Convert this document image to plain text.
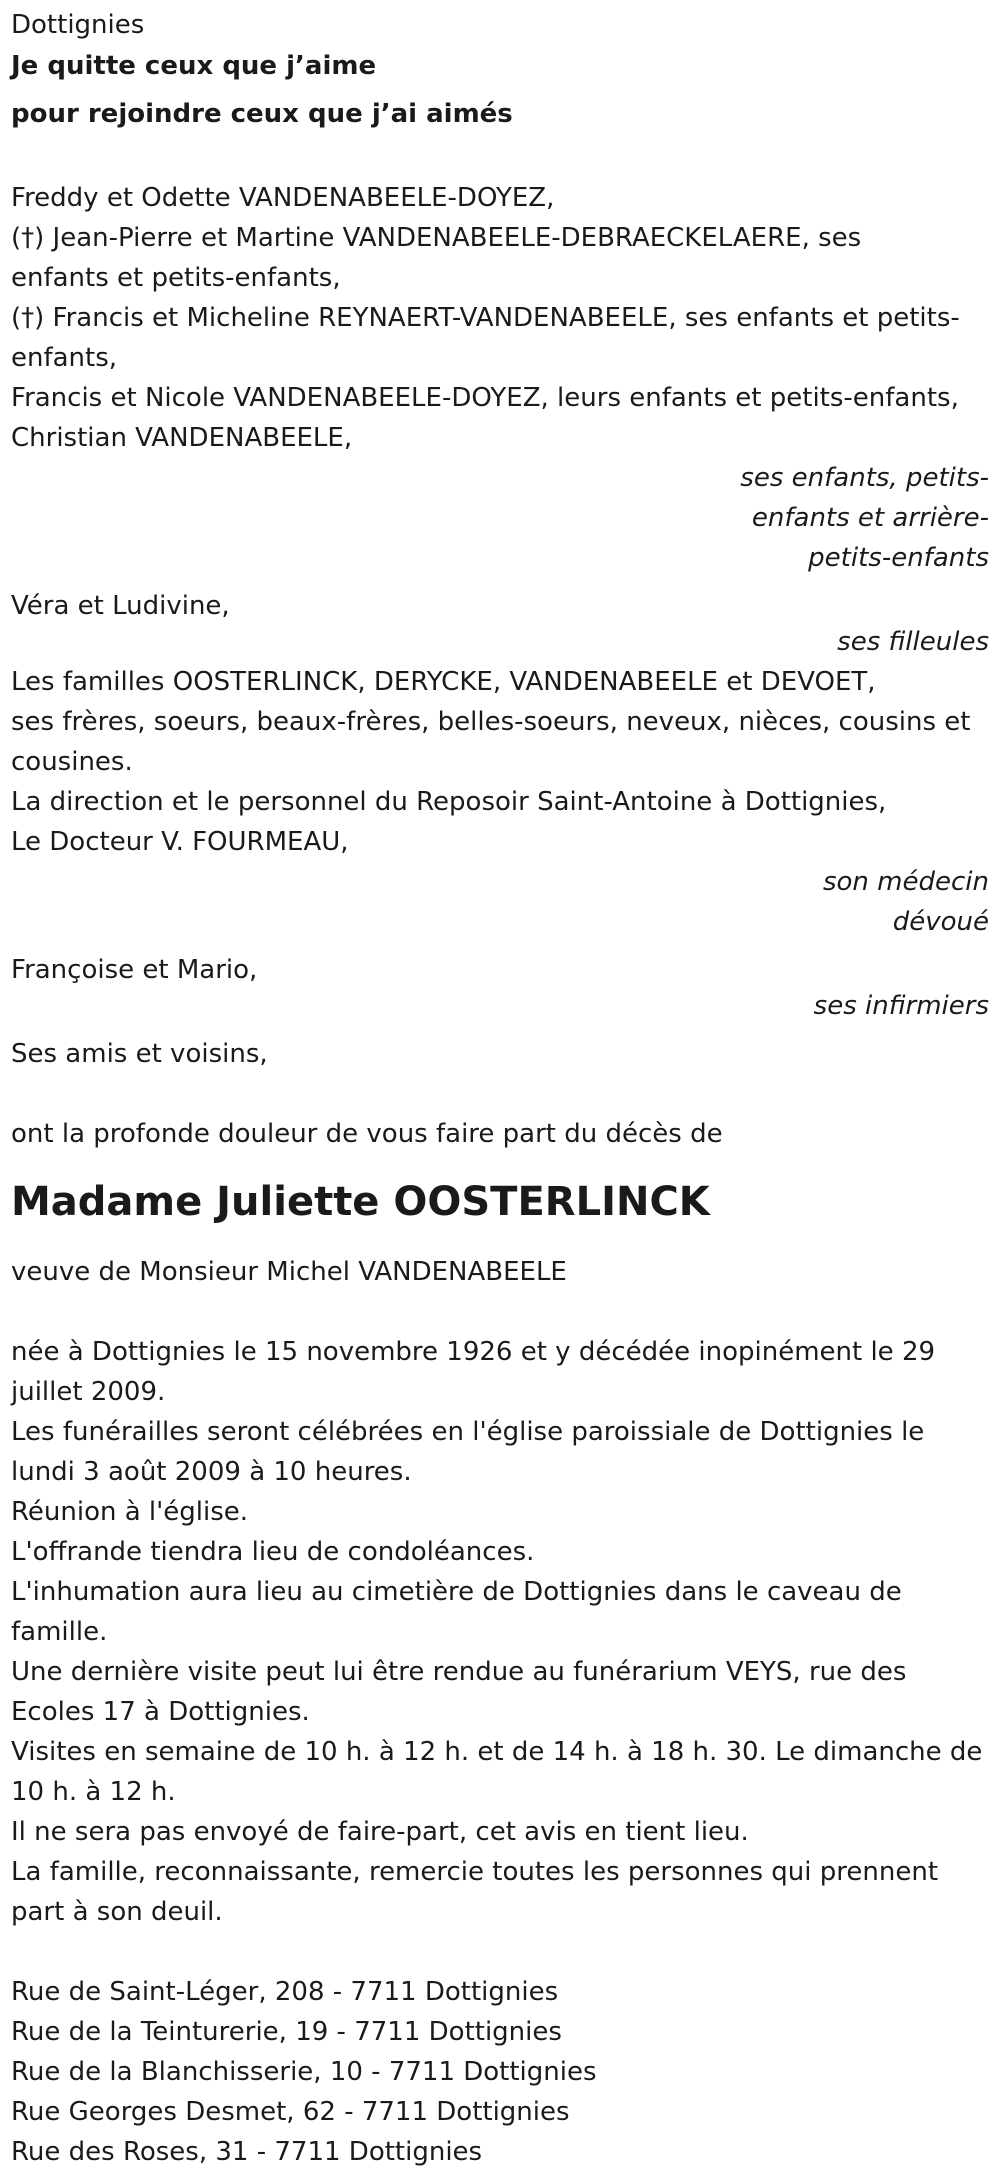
Dottignies
Je quitte ceux que j’aime
pour rejoindre ceux que j’ai aimés
Freddy et Odette VANDENABEELE-DOYEZ,
(†) Jean-Pierre et Martine VANDENABEELE-DEBRAECKELAERE, ses
enfants et petits-enfants,
(†) Francis et Micheline REYNAERT-VANDENABEELE, ses enfants et petits-
enfants,
Francis et Nicole VANDENABEELE-DOYEZ, leurs enfants et petits-enfants,
Christian VANDENABEELE,
ses enfants, petits-
enfants et arrière-
petits-enfants
Véra et Ludivine,
ses filleules
Les familles OOSTERLINCK, DERYCKE, VANDENABEELE et DEVOET,
ses frères, soeurs, beaux-frères, belles-soeurs, neveux, nièces, cousins et
cousines.
La direction et le personnel du Reposoir Saint-Antoine à Dottignies,
Le Docteur V. FOURMEAU,
son médecin
dévoué
Françoise et Mario,
ses infirmiers
Ses amis et voisins,
ont la profonde douleur de vous faire part du décès de
Madame Juliette OOSTERLINCK
veuve de Monsieur Michel VANDENABEELE
née à Dottignies le 15 novembre 1926 et y décédée inopinément le 29
juillet 2009.
Les funérailles seront célébrées en l'église paroissiale de Dottignies le
lundi 3 août 2009 à 10 heures.
Réunion à l'église.
L'offrande tiendra lieu de condoléances.
L'inhumation aura lieu au cimetière de Dottignies dans le caveau de
famille.
Une dernière visite peut lui être rendue au funérarium VEYS, rue des
Ecoles 17 à Dottignies.
Visites en semaine de 10 h. à 12 h. et de 14 h. à 18 h. 30. Le dimanche de
10 h. à 12 h.
Il ne sera pas envoyé de faire-part, cet avis en tient lieu.
La famille, reconnaissante, remercie toutes les personnes qui prennent
part à son deuil.
Rue de Saint-Léger, 208 - 7711 Dottignies
Rue de la Teinturerie, 19 - 7711 Dottignies
Rue de la Blanchisserie, 10 - 7711 Dottignies
Rue Georges Desmet, 62 - 7711 Dottignies
Rue des Roses, 31 - 7711 Dottignies
